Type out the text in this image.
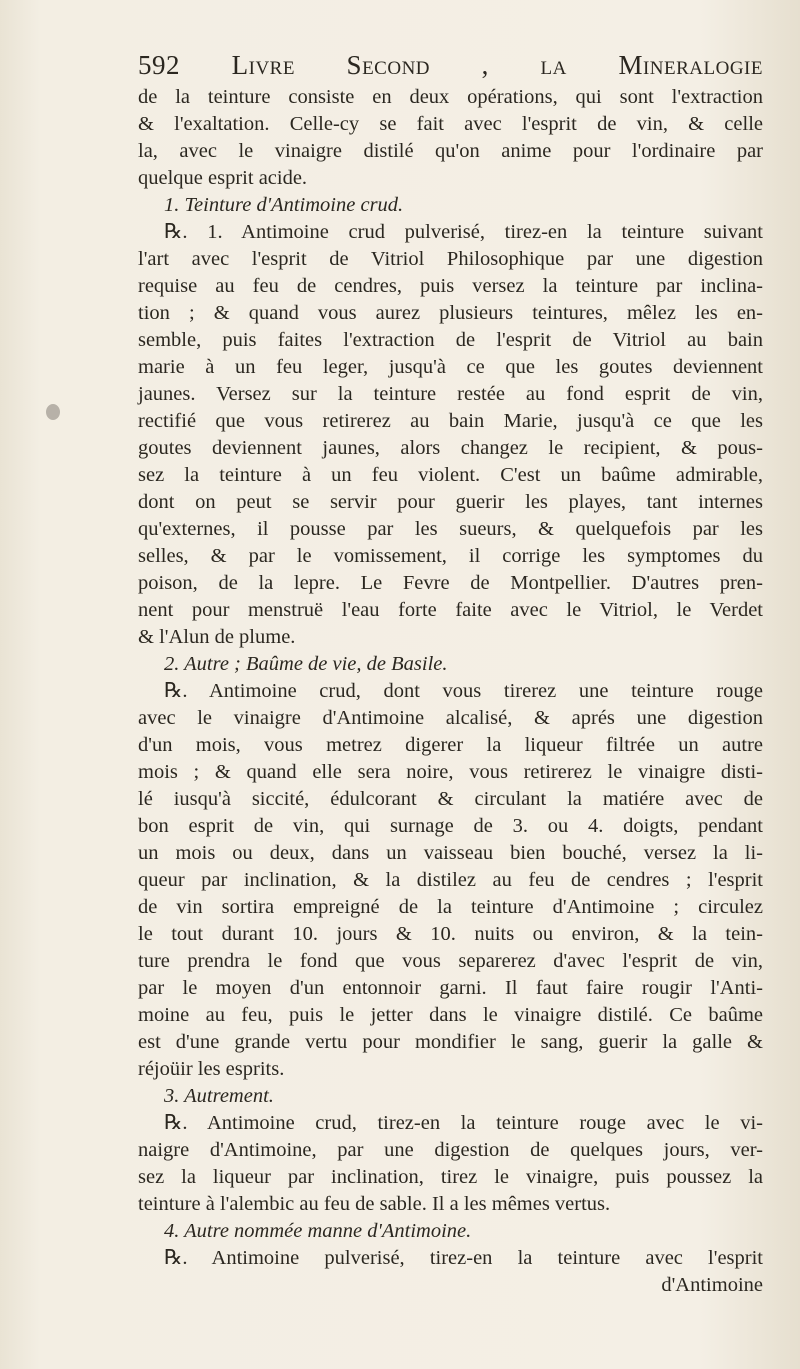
592 Livre Second , la Mineralogie
de la teinture consiste en deux opérations, qui sont l'extraction
& l'exaltation. Celle-cy se fait avec l'esprit de vin, & celle
la, avec le vinaigre distilé qu'on anime pour l'ordinaire par
quelque esprit acide.
1. Teinture d'Antimoine crud.
℞. 1. Antimoine crud pulverisé, tirez-en la teinture suivant
l'art avec l'esprit de Vitriol Philosophique par une digestion
requise au feu de cendres, puis versez la teinture par inclina-
tion ; & quand vous aurez plusieurs teintures, mêlez les en-
semble, puis faites l'extraction de l'esprit de Vitriol au bain
marie à un feu leger, jusqu'à ce que les goutes deviennent
jaunes. Versez sur la teinture restée au fond esprit de vin,
rectifié que vous retirerez au bain Marie, jusqu'à ce que les
goutes deviennent jaunes, alors changez le recipient, & pous-
sez la teinture à un feu violent. C'est un baûme admirable,
dont on peut se servir pour guerir les playes, tant internes
qu'externes, il pousse par les sueurs, & quelquefois par les
selles, & par le vomissement, il corrige les symptomes du
poison, de la lepre. Le Fevre de Montpellier. D'autres pren-
nent pour menstruë l'eau forte faite avec le Vitriol, le Verdet
& l'Alun de plume.
2. Autre ; Baûme de vie, de Basile.
℞. Antimoine crud, dont vous tirerez une teinture rouge
avec le vinaigre d'Antimoine alcalisé, & aprés une digestion
d'un mois, vous metrez digerer la liqueur filtrée un autre
mois ; & quand elle sera noire, vous retirerez le vinaigre disti-
lé iusqu'à siccité, édulcorant & circulant la matiére avec de
bon esprit de vin, qui surnage de 3. ou 4. doigts, pendant
un mois ou deux, dans un vaisseau bien bouché, versez la li-
queur par inclination, & la distilez au feu de cendres ; l'esprit
de vin sortira empreigné de la teinture d'Antimoine ; circulez
le tout durant 10. jours & 10. nuits ou environ, & la tein-
ture prendra le fond que vous separerez d'avec l'esprit de vin,
par le moyen d'un entonnoir garni. Il faut faire rougir l'Anti-
moine au feu, puis le jetter dans le vinaigre distilé. Ce baûme
est d'une grande vertu pour mondifier le sang, guerir la galle &
réjoüir les esprits.
3. Autrement.
℞. Antimoine crud, tirez-en la teinture rouge avec le vi-
naigre d'Antimoine, par une digestion de quelques jours, ver-
sez la liqueur par inclination, tirez le vinaigre, puis poussez la
teinture à l'alembic au feu de sable. Il a les mêmes vertus.
4. Autre nommée manne d'Antimoine.
℞. Antimoine pulverisé, tirez-en la teinture avec l'esprit
d'Antimoine
